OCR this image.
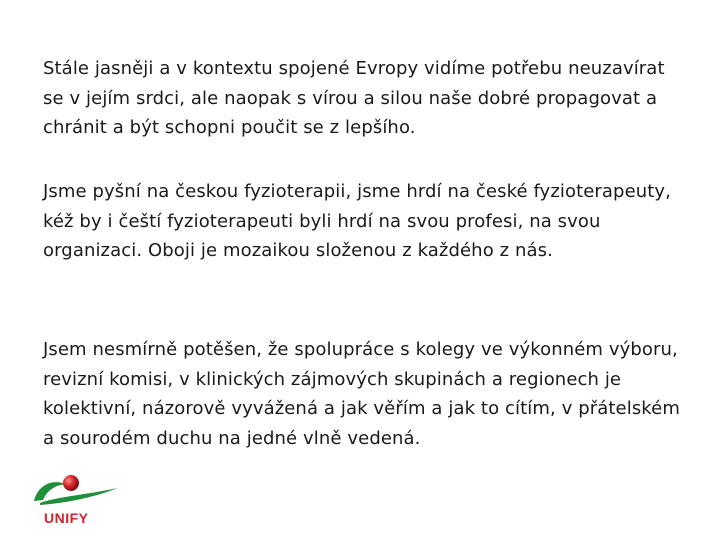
Stále jasněji a v kontextu spojené Evropy vidíme potřebu neuzavírat se v jejím srdci, ale naopak s vírou a silou naše dobré propagovat a chránit a být schopni poučit se z lepšího.

Jsme pyšní na českou fyzioterapii, jsme hrdí na české fyzioterapeuty, kéž by i čeští fyzioterapeuti byli hrdí na svou profesi, na svou organizaci. Oboji je mozaikou složenou z každého z nás.

Jsem nesmírně potěšen, že spolupráce s kolegy ve výkonném výboru, revizní komisi, v klinických zájmových skupinách a regionech je kolektivní, názorově vyvážená a jak věřím a jak to cítím, v přátelském a sourodém duchu na jedné vlně vedená.

UNIFY
